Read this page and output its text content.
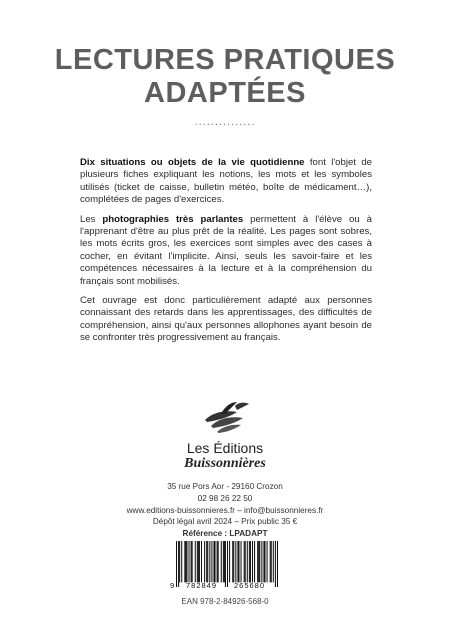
LECTURES PRATIQUES
ADAPTÉES
...............

Dix situations ou objets de la vie quotidienne font l'objet de plusieurs fiches expliquant les notions, les mots et les symboles utilisés (ticket de caisse, bulletin météo, boîte de médicament…), complétées de pages d'exercices.

Les photographies très parlantes permettent à l'élève ou à l'apprenant d'être au plus prêt de la réalité. Les pages sont sobres, les mots écrits gros, les exercices sont simples avec des cases à cocher, en évitant l'implicite. Ainsi, seuls les savoir-faire et les compétences nécessaires à la lecture et à la compréhension du français sont mobilisés.

Cet ouvrage est donc particulièrement adapté aux personnes connaissant des retards dans les apprentissages, des difficultés de compréhension, ainsi qu'aux personnes allophones ayant besoin de se confronter très progressivement au français.

Les Éditions
Buissonnières
35 rue Pors Aor - 29160 Crozon
02 98 26 22 50
www.editions-buissonnieres.fr – info@buissonnieres.fr
Dépôt légal avril 2024 – Prix public 35 €
Référence : LPADAPT
9 782849 265680
EAN 978-2-84926-568-0
